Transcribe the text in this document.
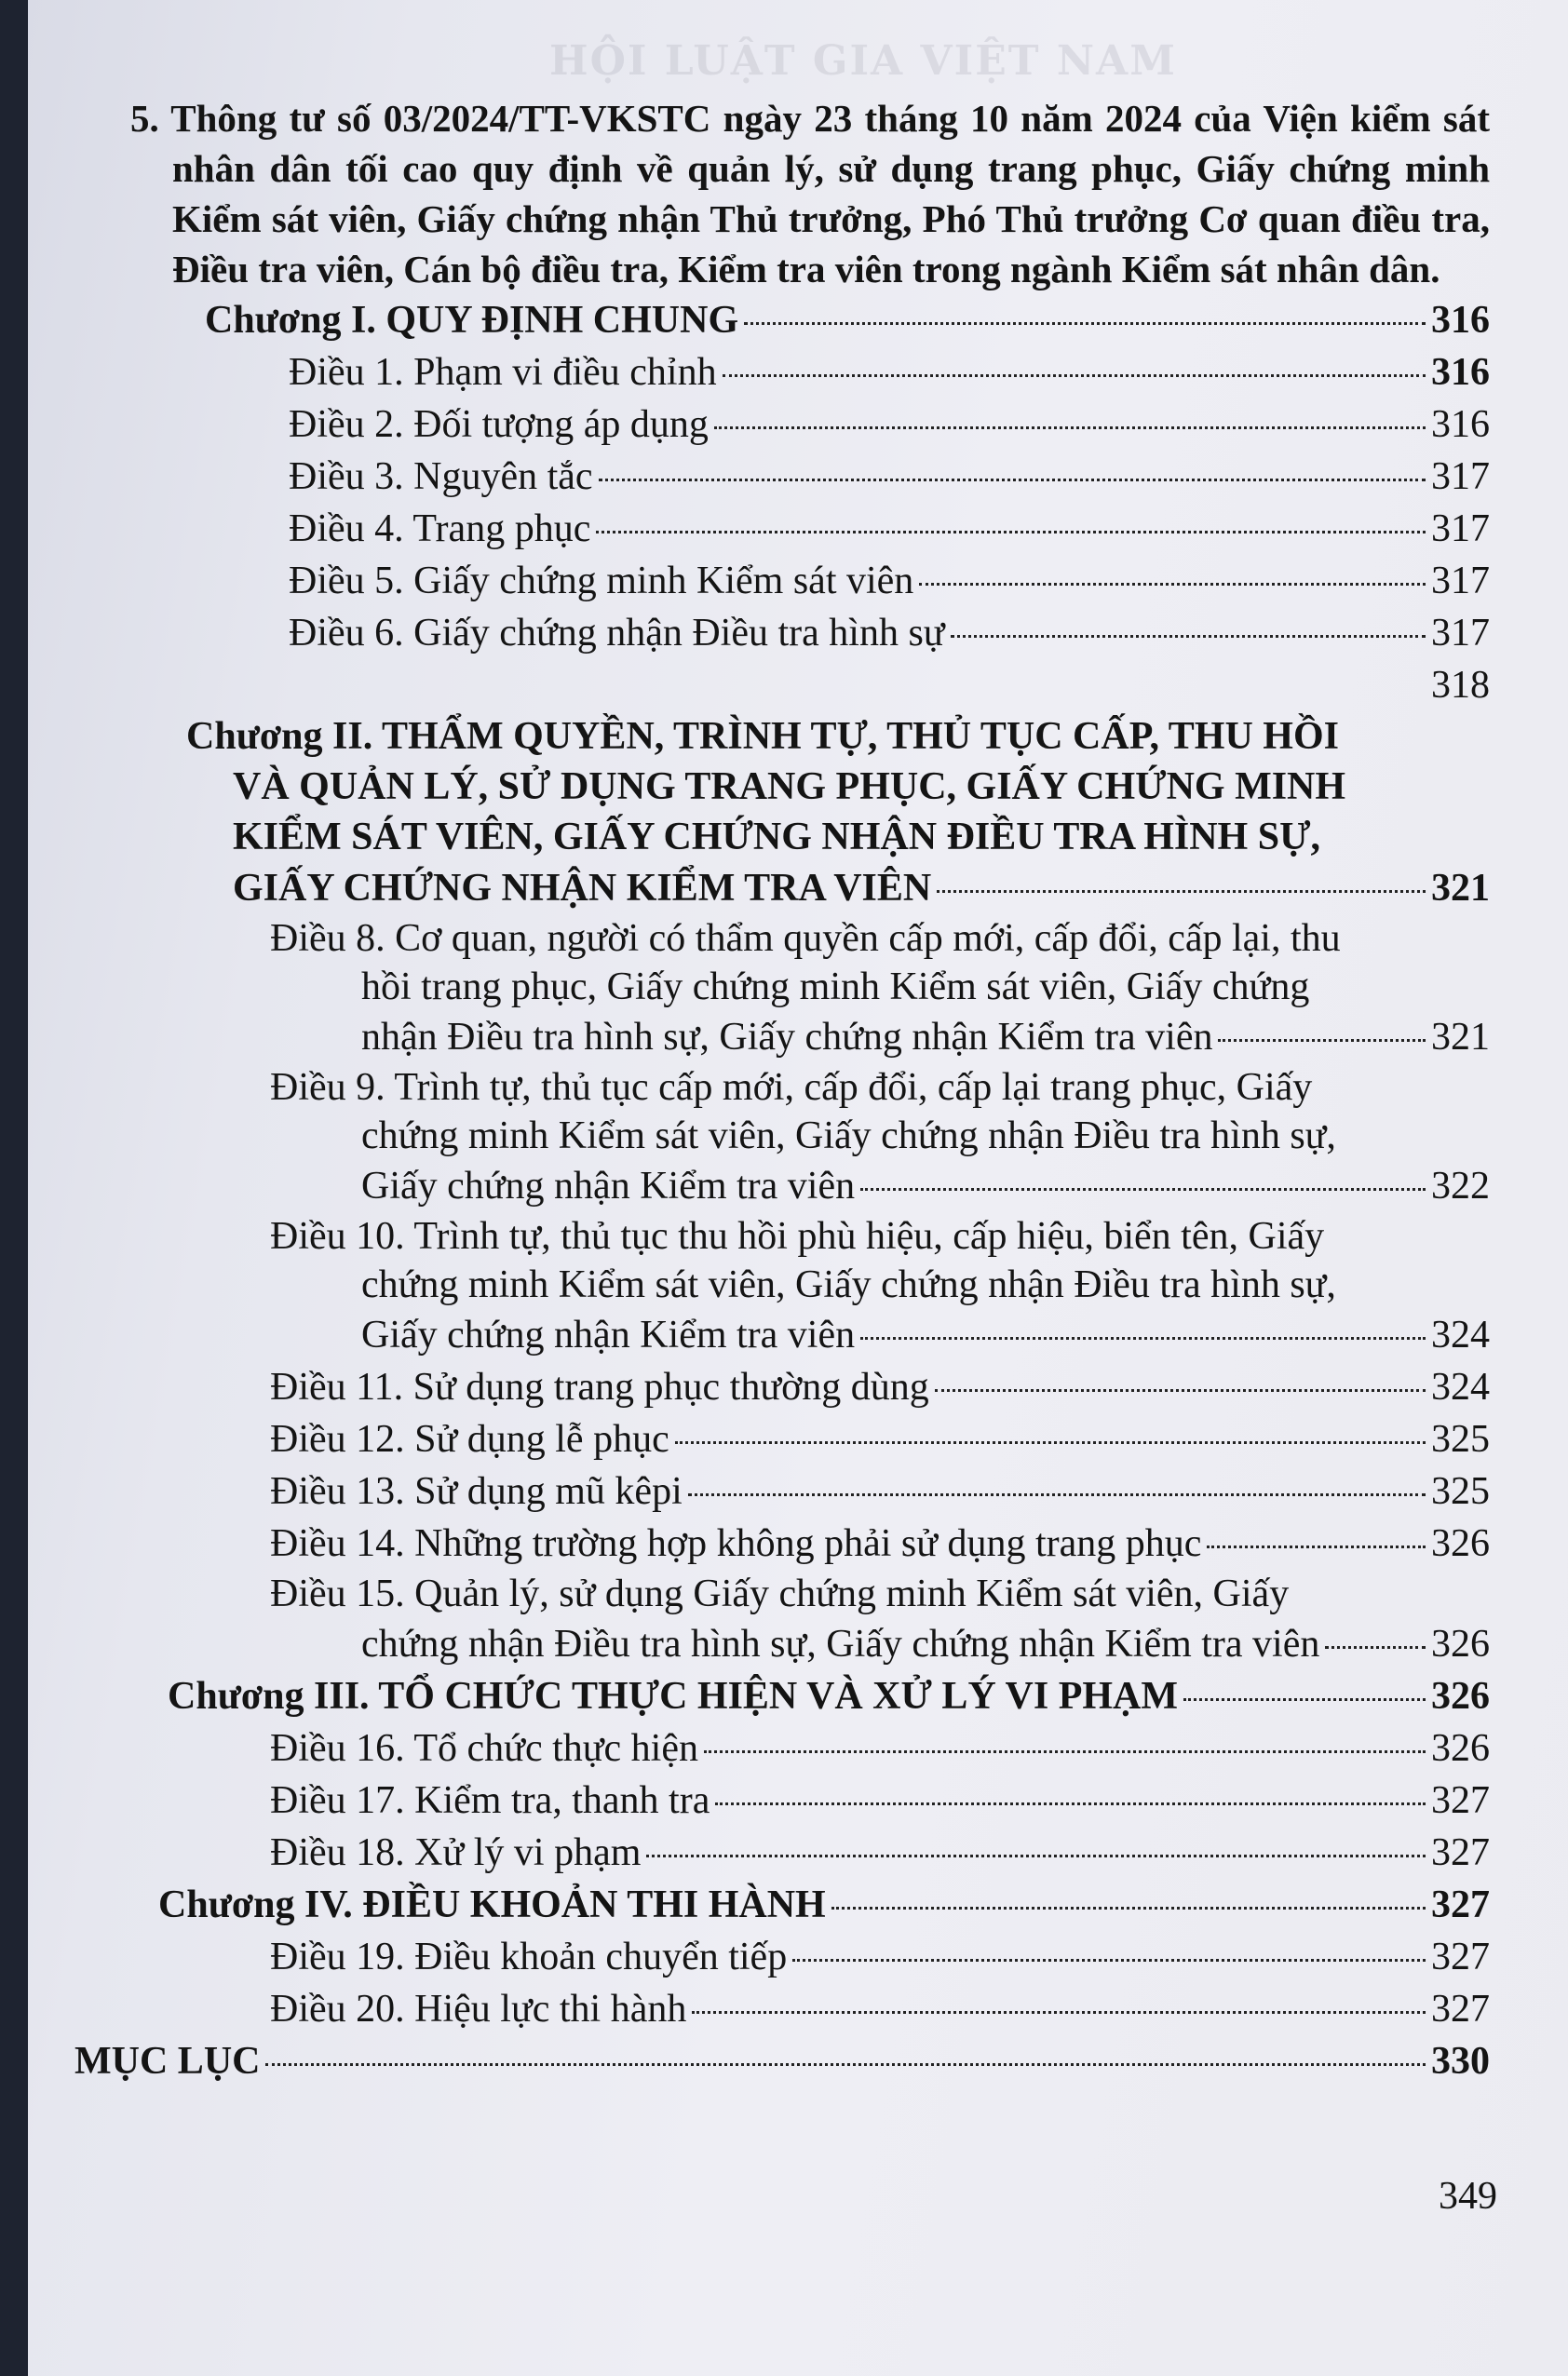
HỘI LUẬT GIA VIỆT NAM
5. Thông tư số 03/2024/TT-VKSTC ngày 23 tháng 10 năm 2024 của Viện kiểm sát nhân dân tối cao quy định về quản lý, sử dụng trang phục, Giấy chứng minh Kiểm sát viên, Giấy chứng nhận Thủ trưởng, Phó Thủ trưởng Cơ quan điều tra, Điều tra viên, Cán bộ điều tra, Kiểm tra viên trong ngành Kiểm sát nhân dân.
Chương I. QUY ĐỊNH CHUNG	316
Điều 1. Phạm vi điều chỉnh	316
Điều 2. Đối tượng áp dụng	316
Điều 3. Nguyên tắc	317
Điều 4. Trang phục	317
Điều 5. Giấy chứng minh Kiểm sát viên	317
Điều 6. Giấy chứng nhận Điều tra hình sự	317
318
Chương II. THẨM QUYỀN, TRÌNH TỰ, THỦ TỤC CẤP, THU HỒI
VÀ QUẢN LÝ, SỬ DỤNG TRANG PHỤC, GIẤY CHỨNG MINH
KIỂM SÁT VIÊN, GIẤY CHỨNG NHẬN ĐIỀU TRA HÌNH SỰ,
GIẤY CHỨNG NHẬN KIỂM TRA VIÊN	321
Điều 8. Cơ quan, người có thẩm quyền cấp mới, cấp đổi, cấp lại, thu
hồi trang phục, Giấy chứng minh Kiểm sát viên, Giấy chứng
nhận Điều tra hình sự, Giấy chứng nhận Kiểm tra viên	321
Điều 9. Trình tự, thủ tục cấp mới, cấp đổi, cấp lại trang phục, Giấy
chứng minh Kiểm sát viên, Giấy chứng nhận Điều tra hình sự,
Giấy chứng nhận Kiểm tra viên	322
Điều 10. Trình tự, thủ tục thu hồi phù hiệu, cấp hiệu, biển tên, Giấy
chứng minh Kiểm sát viên, Giấy chứng nhận Điều tra hình sự,
Giấy chứng nhận Kiểm tra viên	324
Điều 11. Sử dụng trang phục thường dùng	324
Điều 12. Sử dụng lễ phục	325
Điều 13. Sử dụng mũ kêpi	325
Điều 14. Những trường hợp không phải sử dụng trang phục	326
Điều 15. Quản lý, sử dụng Giấy chứng minh Kiểm sát viên, Giấy
chứng nhận Điều tra hình sự, Giấy chứng nhận Kiểm tra viên	326
Chương III. TỔ CHỨC THỰC HIỆN VÀ XỬ LÝ VI PHẠM	326
Điều 16. Tổ chức thực hiện	326
Điều 17. Kiểm tra, thanh tra	327
Điều 18. Xử lý vi phạm	327
Chương IV. ĐIỀU KHOẢN THI HÀNH	327
Điều 19. Điều khoản chuyển tiếp	327
Điều 20. Hiệu lực thi hành	327
MỤC LỤC	330
349
